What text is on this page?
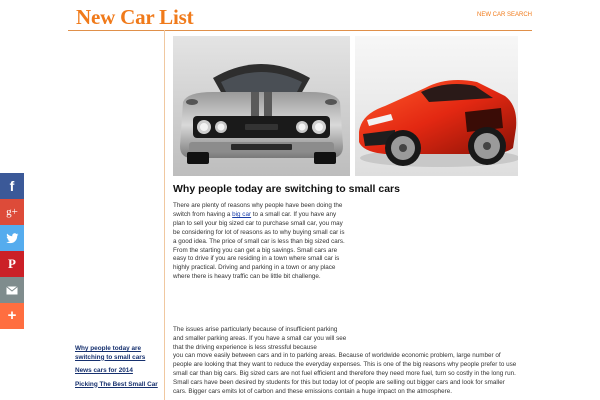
New Car List	NEW CAR SEARCH
Why people today are switching to small cars

There are plenty of reasons why people have been doing the switch from having a big car to a small car. If you have any plan to sell your big sized car to purchase small car, you may be considering for lot of reasons as to why buying small car is a good idea. The price of small car is less than big sized cars. From the starting you can get a big savings. Small cars are easy to drive if you are residing in a town where small car is highly practical. Driving and parking in a town or any place where there is heavy traffic can be little bit challenge.

The issues arise particularly because of insufficient parking and smaller parking areas. If you have a small car you will see that the driving experience is less stressful because

you can move easily between cars and in to parking areas. Because of worldwide economic problem, large number of people are looking that they want to reduce the everyday expenses. This is one of the big reasons why people prefer to use small car than big cars. Big sized cars are not fuel efficient and therefore they need more fuel, turn so costly in the long run. Small cars have been desired by students for this but today lot of people are selling out bigger cars and look for smaller cars. Bigger cars emits lot of carbon and these emissions contain a huge impact on the atmosphere.

Why people today are switching to small cars
News cars for 2014
Picking The Best Small Car
f
g+
P
+
